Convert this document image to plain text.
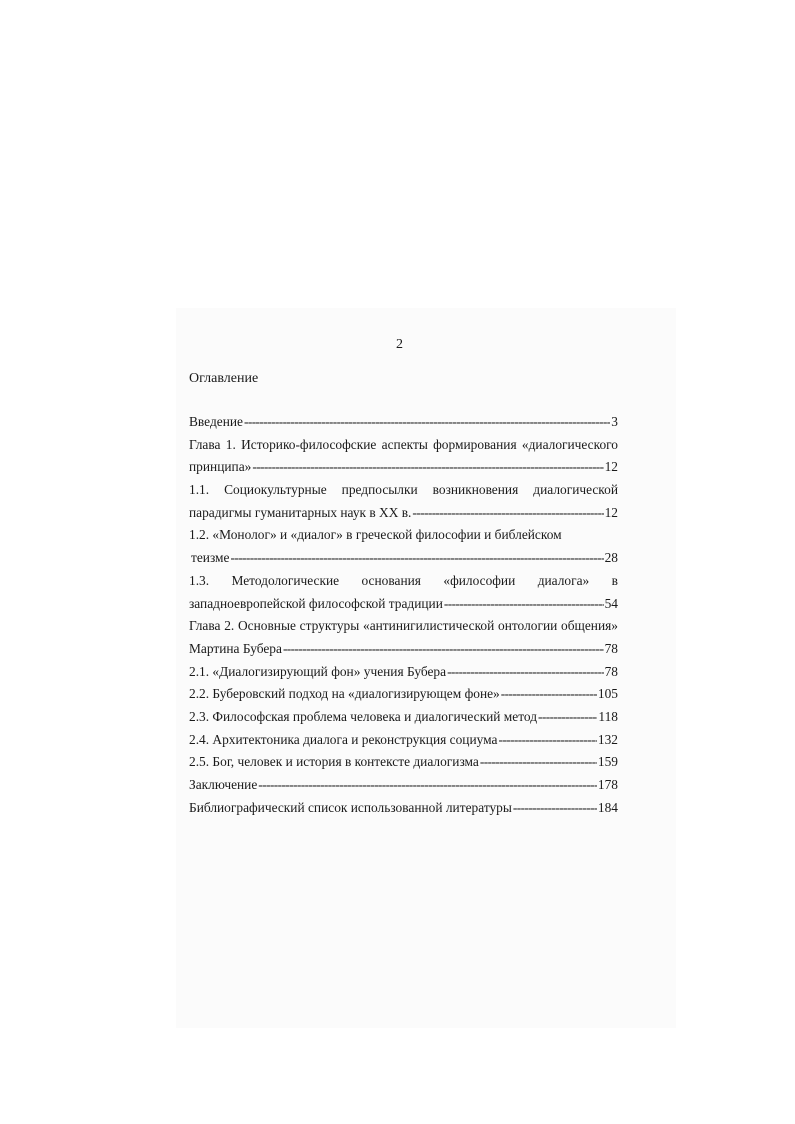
2
Оглавление
Введение -----	3
Глава 1. Историко-философские аспекты формирования «диалогического
принципа» -----	12
1.1. Социокультурные предпосылки возникновения диалогической
парадигмы гуманитарных наук в XX в. -----	12
1.2. «Монолог» и «диалог» в греческой философии и библейском
теизме -----	28
1.3. Методологические основания «философии диалога» в
западноевропейской философской традиции -----	54
Глава 2. Основные структуры «антинигилистической онтологии общения»
Мартина Бубера -----	78
2.1. «Диалогизирующий фон» учения Бубера -----	78
2.2. Буберовский подход на «диалогизирующем фоне» -----	105
2.3. Философская проблема человека и диалогический метод -----	118
2.4. Архитектоника диалога и реконструкция социума -----	132
2.5. Бог, человек и история в контексте диалогизма -----	159
Заключение -----	178
Библиографический список использованной литературы -----	184
